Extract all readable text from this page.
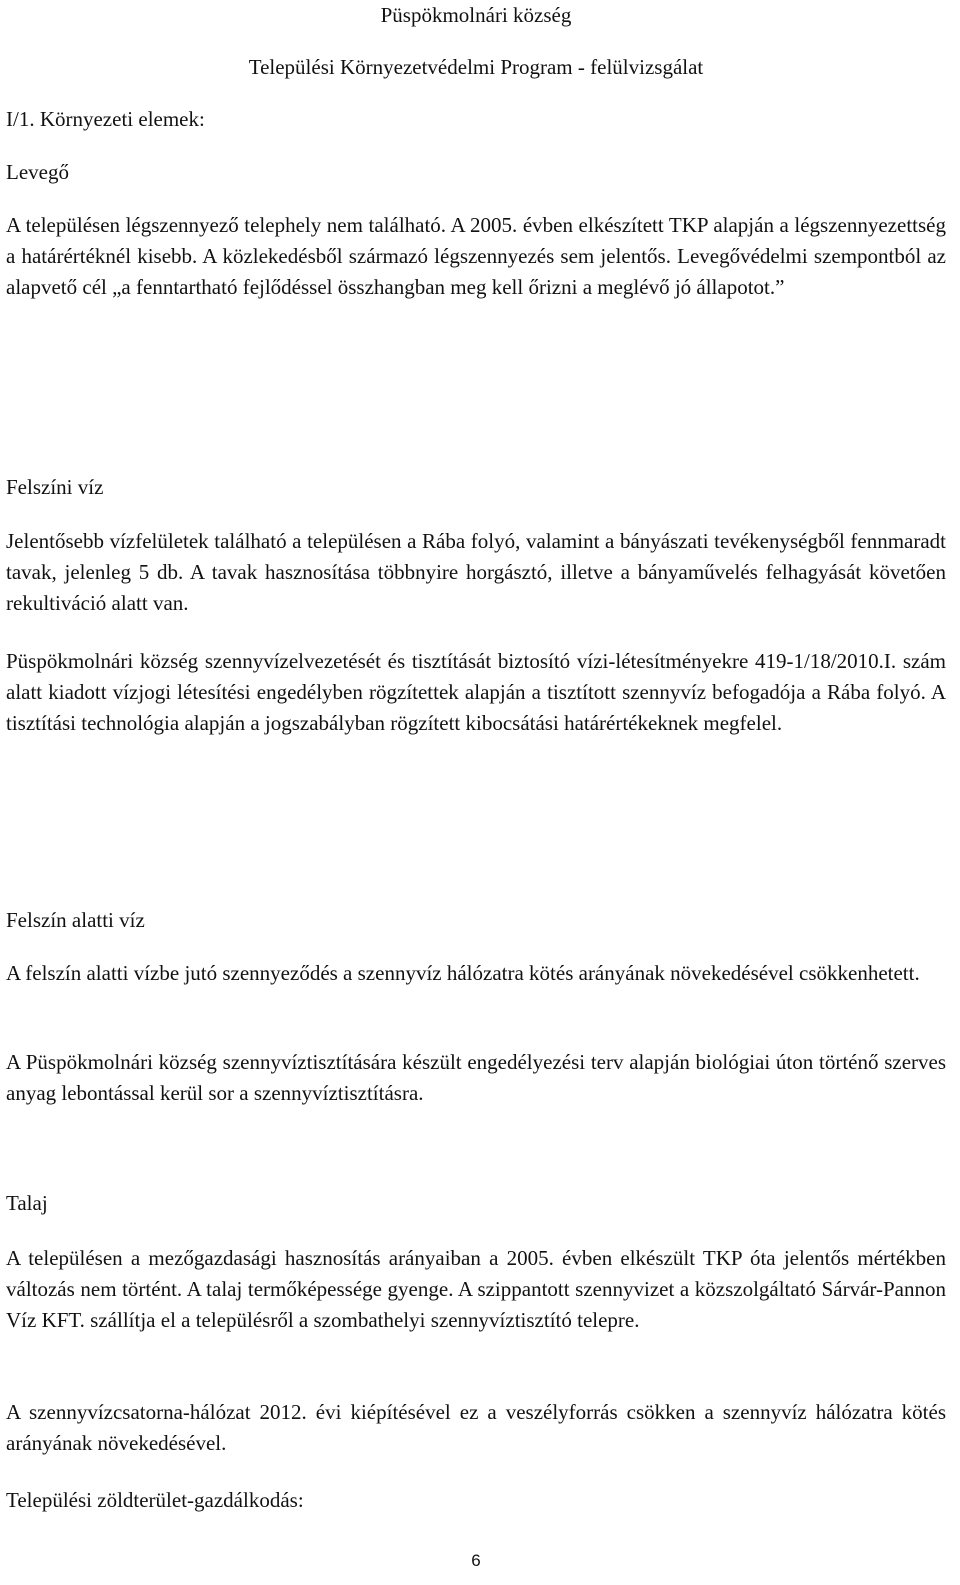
Püspökmolnári község
Települési Környezetvédelmi Program - felülvizsgálat
I/1. Környezeti elemek:
Levegő
A településen légszennyező telephely nem található. A 2005. évben elkészített TKP alapján a légszennyezettség a határértéknél kisebb. A közlekedésből származó légszennyezés sem jelentős. Levegővédelmi szempontból az alapvető cél „a fenntartható fejlődéssel összhangban meg kell őrizni a meglévő jó állapotot.”
Felszíni víz
Jelentősebb vízfelületek található a településen a Rába folyó, valamint a bányászati tevékenységből fennmaradt tavak, jelenleg 5 db. A tavak hasznosítása többnyire horgásztó, illetve a bányaművelés felhagyását követően rekultiváció alatt van.
Püspökmolnári község szennyvízelvezetését és tisztítását biztosító vízi-létesítményekre 419-1/18/2010.I. szám alatt kiadott vízjogi létesítési engedélyben rögzítettek alapján a tisztított szennyvíz befogadója a Rába folyó. A tisztítási technológia alapján a jogszabályban rögzített kibocsátási határértékeknek megfelel.
Felszín alatti víz
A felszín alatti vízbe jutó szennyeződés a szennyvíz hálózatra kötés arányának növekedésével csökkenhetett.
A Püspökmolnári község szennyvíztisztítására készült engedélyezési terv alapján biológiai úton történő szerves anyag lebontással kerül sor a szennyvíztisztításra.
Talaj
A településen a mezőgazdasági hasznosítás arányaiban a 2005. évben elkészült TKP óta jelentős mértékben változás nem történt. A talaj termőképessége gyenge. A szippantott szennyvizet a közszolgáltató Sárvár-Pannon Víz KFT. szállítja el a településről a szombathelyi szennyvíztisztító telepre.
A szennyvízcsatorna-hálózat 2012. évi kiépítésével ez a veszélyforrás csökken a szennyvíz hálózatra kötés arányának növekedésével.
Települési zöldterület-gazdálkodás:
6
